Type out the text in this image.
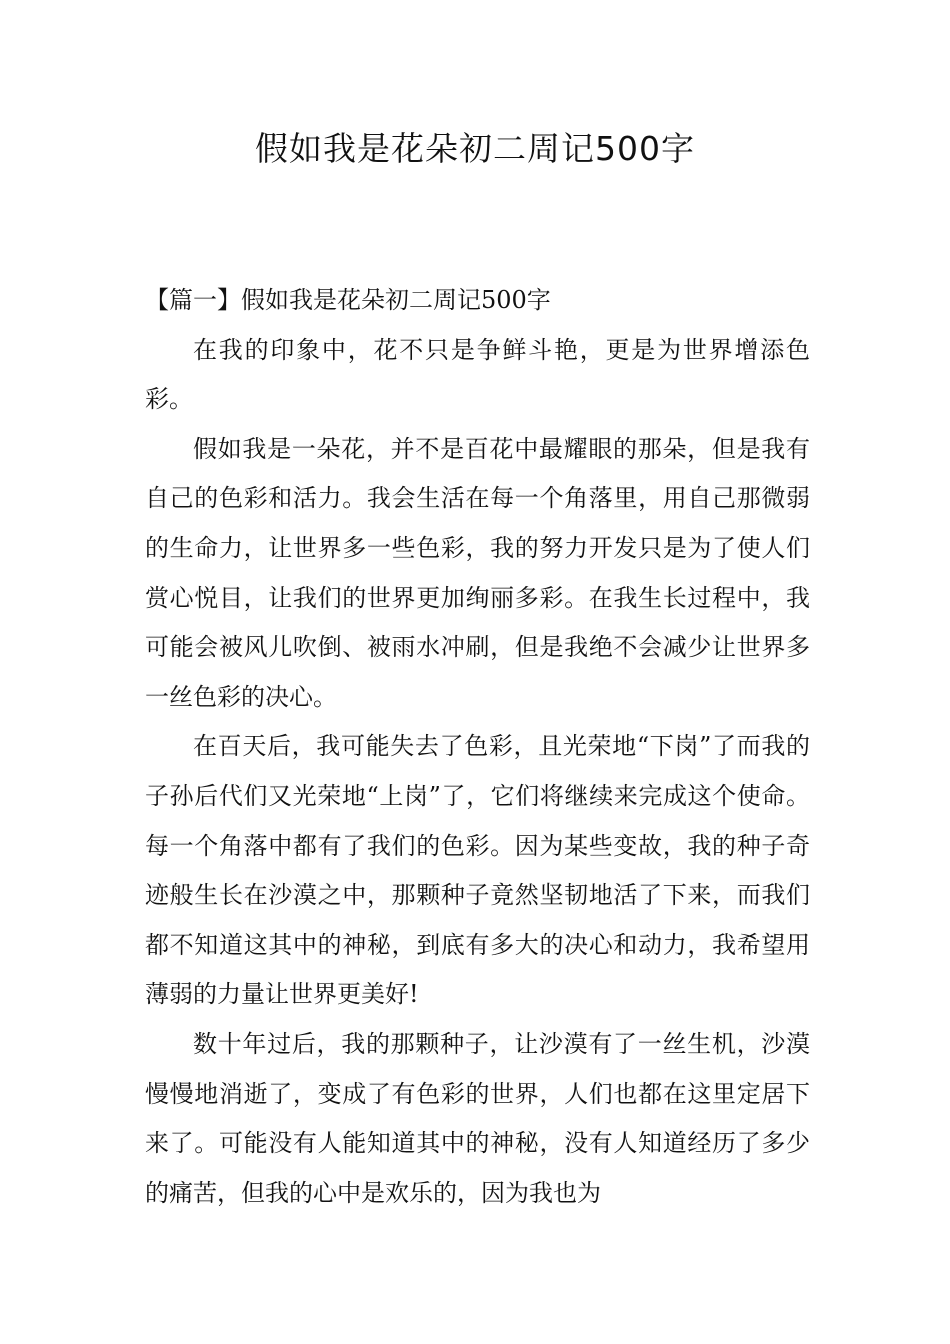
假如我是花朵初二周记500字
【篇一】假如我是花朵初二周记500字

在我的印象中，花不只是争鲜斗艳，更是为世界增添色彩。

假如我是一朵花，并不是百花中最耀眼的那朵，但是我有自己的色彩和活力。我会生活在每一个角落里，用自己那微弱的生命力，让世界多一些色彩，我的努力开发只是为了使人们赏心悦目，让我们的世界更加绚丽多彩。在我生长过程中，我可能会被风儿吹倒、被雨水冲刷，但是我绝不会减少让世界多一丝色彩的决心。

在百天后，我可能失去了色彩，且光荣地“下岗”了而我的子孙后代们又光荣地“上岗”了，它们将继续来完成这个使命。每一个角落中都有了我们的色彩。因为某些变故，我的种子奇迹般生长在沙漠之中，那颗种子竟然坚韧地活了下来，而我们都不知道这其中的神秘，到底有多大的决心和动力，我希望用薄弱的力量让世界更美好!

数十年过后，我的那颗种子，让沙漠有了一丝生机，沙漠慢慢地消逝了，变成了有色彩的世界，人们也都在这里定居下来了。可能没有人能知道其中的神秘，没有人知道经历了多少的痛苦，但我的心中是欢乐的，因为我也为
